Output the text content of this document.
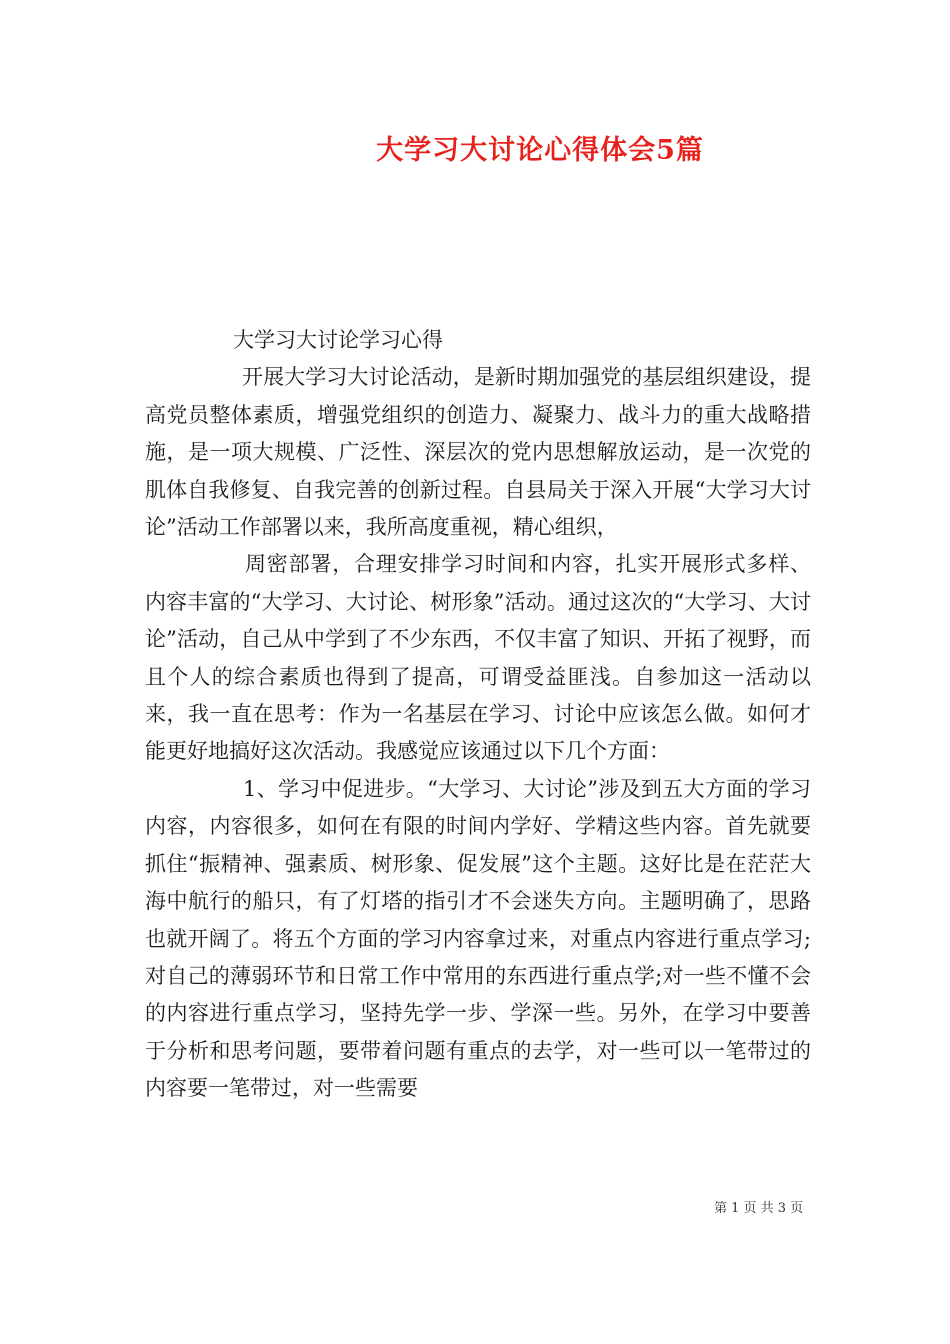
大学习大讨论心得体会5篇

大学习大讨论学习心得

开展大学习大讨论活动，是新时期加强党的基层组织建设，提高党员整体素质，增强党组织的创造力、凝聚力、战斗力的重大战略措施，是一项大规模、广泛性、深层次的党内思想解放运动，是一次党的肌体自我修复、自我完善的创新过程。自县局关于深入开展“大学习大讨论”活动工作部署以来，我所高度重视，精心组织，

周密部署，合理安排学习时间和内容，扎实开展形式多样、内容丰富的“大学习、大讨论、树形象”活动。通过这次的“大学习、大讨论”活动，自己从中学到了不少东西，不仅丰富了知识、开拓了视野，而且个人的综合素质也得到了提高，可谓受益匪浅。自参加这一活动以来，我一直在思考：作为一名基层在学习、讨论中应该怎么做。如何才能更好地搞好这次活动。我感觉应该通过以下几个方面：

1、学习中促进步。“大学习、大讨论”涉及到五大方面的学习内容，内容很多，如何在有限的时间内学好、学精这些内容。首先就要抓住“振精神、强素质、树形象、促发展”这个主题。这好比是在茫茫大海中航行的船只，有了灯塔的指引才不会迷失方向。主题明确了，思路也就开阔了。将五个方面的学习内容拿过来，对重点内容进行重点学习;对自己的薄弱环节和日常工作中常用的东西进行重点学;对一些不懂不会的内容进行重点学习，坚持先学一步、学深一些。另外，在学习中要善于分析和思考问题，要带着问题有重点的去学，对一些可以一笔带过的内容要一笔带过，对一些需要

第 1 页 共 3 页
